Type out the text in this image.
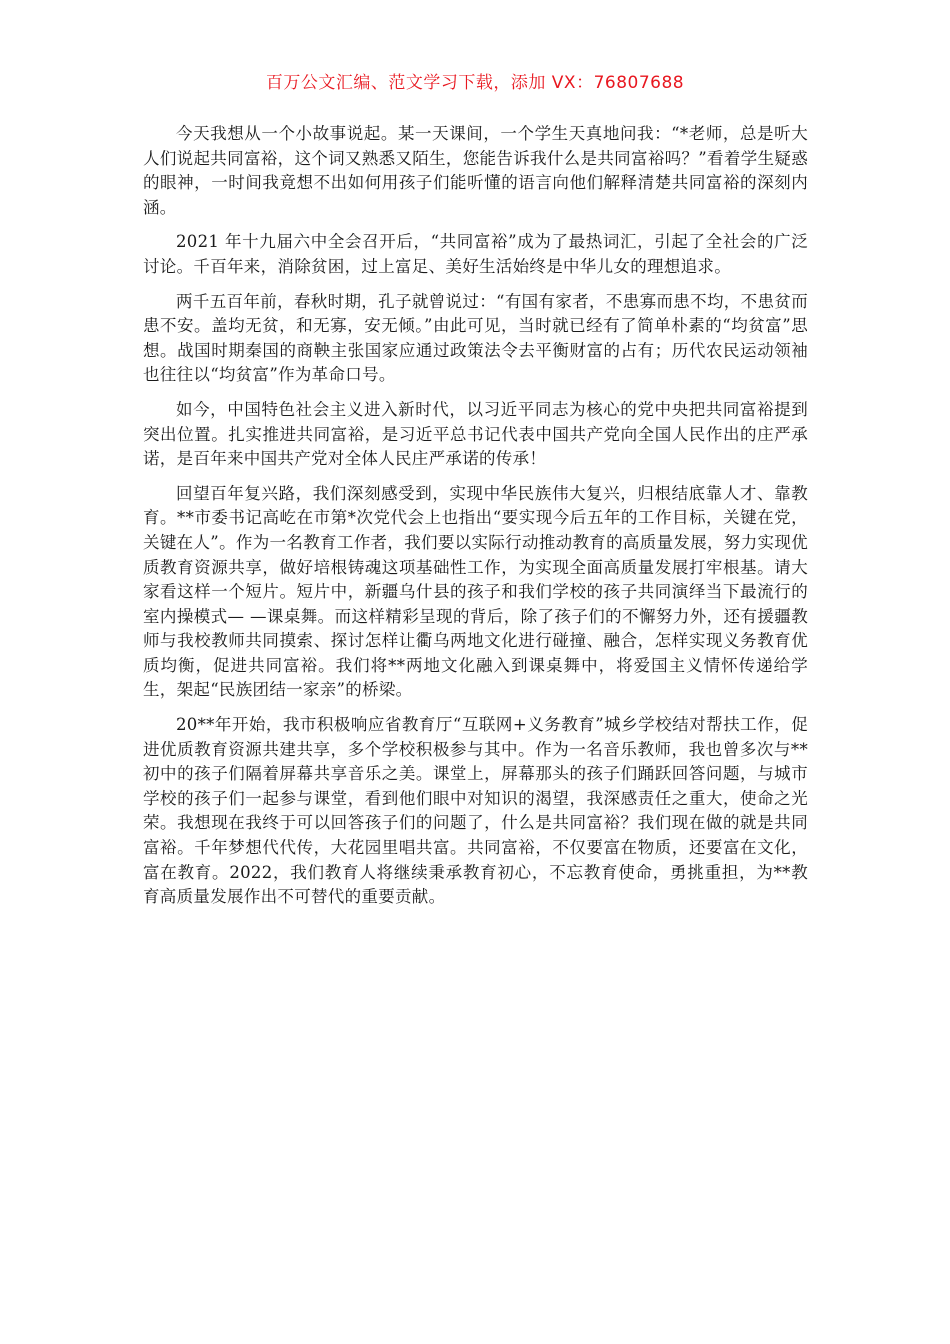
百万公文汇编、范文学习下载，添加 VX：76807688

今天我想从一个小故事说起。某一天课间，一个学生天真地问我：“*老师，总是听大人们说起共同富裕，这个词又熟悉又陌生，您能告诉我什么是共同富裕吗？”看着学生疑惑的眼神，一时间我竟想不出如何用孩子们能听懂的语言向他们解释清楚共同富裕的深刻内涵。

2021 年十九届六中全会召开后，“共同富裕”成为了最热词汇，引起了全社会的广泛讨论。千百年来，消除贫困，过上富足、美好生活始终是中华儿女的理想追求。

两千五百年前，春秋时期，孔子就曾说过：“有国有家者，不患寡而患不均，不患贫而患不安。盖均无贫，和无寡，安无倾。”由此可见，当时就已经有了简单朴素的“均贫富”思想。战国时期秦国的商鞅主张国家应通过政策法令去平衡财富的占有；历代农民运动领袖也往往以“均贫富”作为革命口号。

如今，中国特色社会主义进入新时代，以习近平同志为核心的党中央把共同富裕提到突出位置。扎实推进共同富裕，是习近平总书记代表中国共产党向全国人民作出的庄严承诺，是百年来中国共产党对全体人民庄严承诺的传承！

回望百年复兴路，我们深刻感受到，实现中华民族伟大复兴，归根结底靠人才、靠教育。**市委书记高屹在市第*次党代会上也指出“要实现今后五年的工作目标，关键在党，关键在人”。作为一名教育工作者，我们要以实际行动推动教育的高质量发展，努力实现优质教育资源共享，做好培根铸魂这项基础性工作，为实现全面高质量发展打牢根基。请大家看这样一个短片。短片中，新疆乌什县的孩子和我们学校的孩子共同演绎当下最流行的室内操模式— —课桌舞。而这样精彩呈现的背后，除了孩子们的不懈努力外，还有援疆教师与我校教师共同摸索、探讨怎样让衢乌两地文化进行碰撞、融合，怎样实现义务教育优质均衡，促进共同富裕。我们将**两地文化融入到课桌舞中，将爱国主义情怀传递给学生，架起“民族团结一家亲”的桥梁。

20**年开始，我市积极响应省教育厅“互联网+义务教育”城乡学校结对帮扶工作，促进优质教育资源共建共享，多个学校积极参与其中。作为一名音乐教师，我也曾多次与**初中的孩子们隔着屏幕共享音乐之美。课堂上，屏幕那头的孩子们踊跃回答问题，与城市学校的孩子们一起参与课堂，看到他们眼中对知识的渴望，我深感责任之重大，使命之光荣。我想现在我终于可以回答孩子们的问题了，什么是共同富裕？我们现在做的就是共同富裕。千年梦想代代传，大花园里唱共富。共同富裕，不仅要富在物质，还要富在文化，富在教育。2022，我们教育人将继续秉承教育初心，不忘教育使命，勇挑重担，为**教育高质量发展作出不可替代的重要贡献。
